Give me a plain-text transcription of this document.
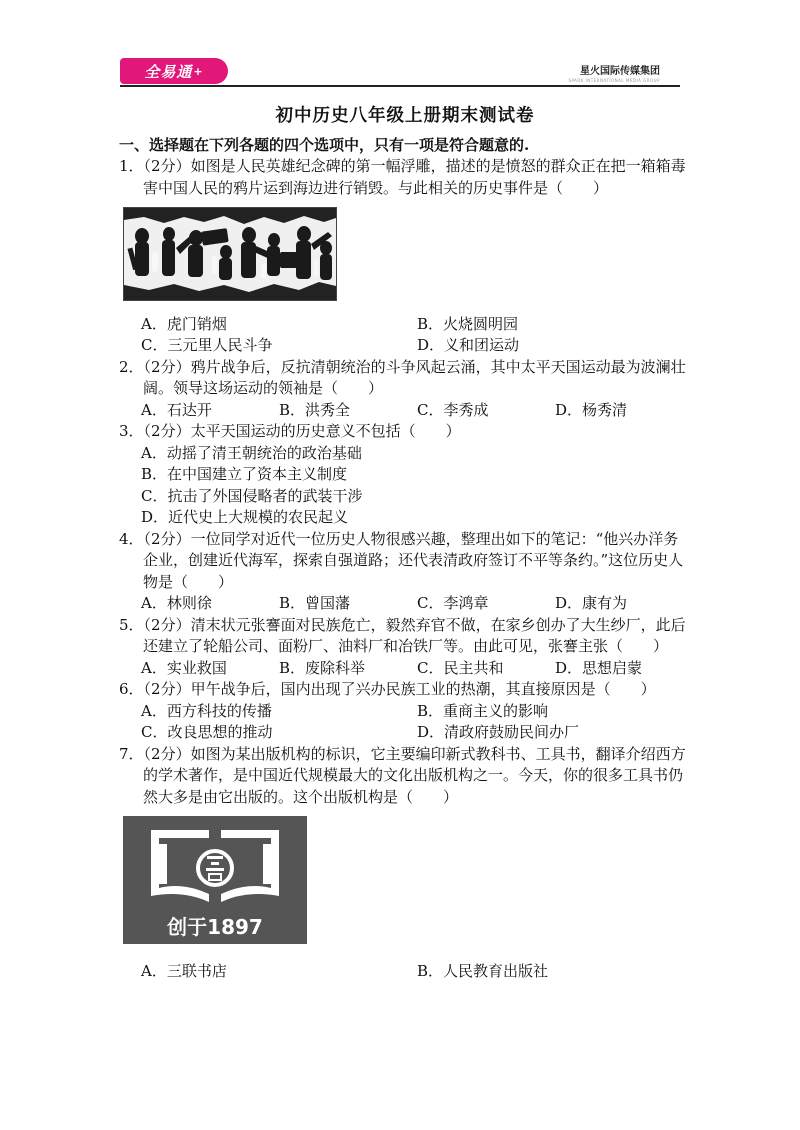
全易通 +	星火国际传媒集团
SPARK INTERNATIONAL MEDIA GROUP
初中历史八年级上册期末测试卷

一、选择题在下列各题的四个选项中，只有一项是符合题意的.

1．（2分）如图是人民英雄纪念碑的第一幅浮雕，描述的是愤怒的群众正在把一箱箱毒害中国人民的鸦片运到海边进行销毁。与此相关的历史事件是（　　）

A．虎门销烟	B．火烧圆明园
C．三元里人民斗争	D．义和团运动

2．（2分）鸦片战争后，反抗清朝统治的斗争风起云涌，其中太平天国运动最为波澜壮阔。领导这场运动的领袖是（　　）

A．石达开	B．洪秀全	C．李秀成	D．杨秀清

3．（2分）太平天国运动的历史意义不包括（　　）

A．动摇了清王朝统治的政治基础
B．在中国建立了资本主义制度
C．抗击了外国侵略者的武装干涉
D．近代史上大规模的农民起义

4．（2分）一位同学对近代一位历史人物很感兴趣，整理出如下的笔记：“他兴办洋务企业，创建近代海军，探索自强道路；还代表清政府签订不平等条约。”这位历史人物是（　　）

A．林则徐	B．曾国藩	C．李鸿章	D．康有为

5．（2分）清末状元张謇面对民族危亡，毅然弃官不做，在家乡创办了大生纱厂，此后还建立了轮船公司、面粉厂、油料厂和冶铁厂等。由此可见，张謇主张（　　）

A．实业救国	B．废除科举	C．民主共和	D．思想启蒙

6．（2分）甲午战争后，国内出现了兴办民族工业的热潮，其直接原因是（　　）

A．西方科技的传播	B．重商主义的影响
C．改良思想的推动	D．清政府鼓励民间办厂

7．（2分）如图为某出版机构的标识，它主要编印新式教科书、工具书，翻译介绍西方的学术著作，是中国近代规模最大的文化出版机构之一。今天，你的很多工具书仍然大多是由它出版的。这个出版机构是（　　）

创于1897
A．三联书店	B．人民教育出版社
